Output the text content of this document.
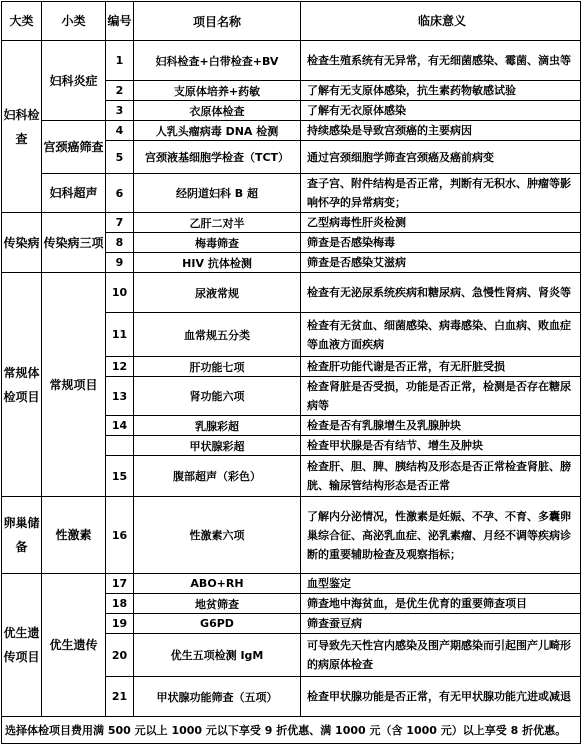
大类	小类	编号	项目名称	临床意义
妇科检查	妇科炎症	1	妇科检查+白带检查+BV	检查生殖系统有无异常，有无细菌感染、霉菌、滴虫等
		2	支原体培养+药敏	了解有无支原体感染，抗生素药物敏感试验
		3	衣原体检查	了解有无衣原体感染
	宫颈癌筛查	4	人乳头瘤病毒 DNA 检测	持续感染是导致宫颈癌的主要病因
		5	宫颈液基细胞学检查（TCT）	通过宫颈细胞学筛查宫颈癌及癌前病变
	妇科超声	6	经阴道妇科 B 超	查子宫、附件结构是否正常，判断有无积水、肿瘤等影响怀孕的异常病变；
传染病	传染病三项	7	乙肝二对半	乙型病毒性肝炎检测
		8	梅毒筛查	筛查是否感染梅毒
		9	HIV 抗体检测	筛查是否感染艾滋病
常规体检项目	常规项目	10	尿液常规	检查有无泌尿系统疾病和糖尿病、急慢性肾病、肾炎等
		11	血常规五分类	检查有无贫血、细菌感染、病毒感染、白血病、败血症等血液方面疾病
		12	肝功能七项	检查肝功能代谢是否正常，有无肝脏受损
		13	肾功能六项	检查肾脏是否受损，功能是否正常，检测是否存在糖尿病等
		14	乳腺彩超	检查是否有乳腺增生及乳腺肿块
			甲状腺彩超	检查甲状腺是否有结节、增生及肿块
		15	腹部超声（彩色）	检查肝、胆、脾、胰结构及形态是否正常检查肾脏、膀胱、输尿管结构形态是否正常
卵巢储备	性激素	16	性激素六项	了解内分泌情况，性激素是妊娠、不孕、不育、多囊卵巢综合征、高泌乳血症、泌乳素瘤、月经不调等疾病诊断的重要辅助检查及观察指标；
优生遗传项目	优生遗传	17	ABO+RH	血型鉴定
		18	地贫筛查	筛查地中海贫血，是优生优育的重要筛查项目
		19	G6PD	筛查蚕豆病
		20	优生五项检测 IgM	可导致先天性宫内感染及围产期感染而引起围产儿畸形的病原体检查
		21	甲状腺功能筛查（五项）	检查甲状腺功能是否正常，有无甲状腺功能亢进或减退
选择体检项目费用满 500 元以上 1000 元以下享受 9 折优惠、满 1000 元（含 1000 元）以上享受 8 折优惠。				
